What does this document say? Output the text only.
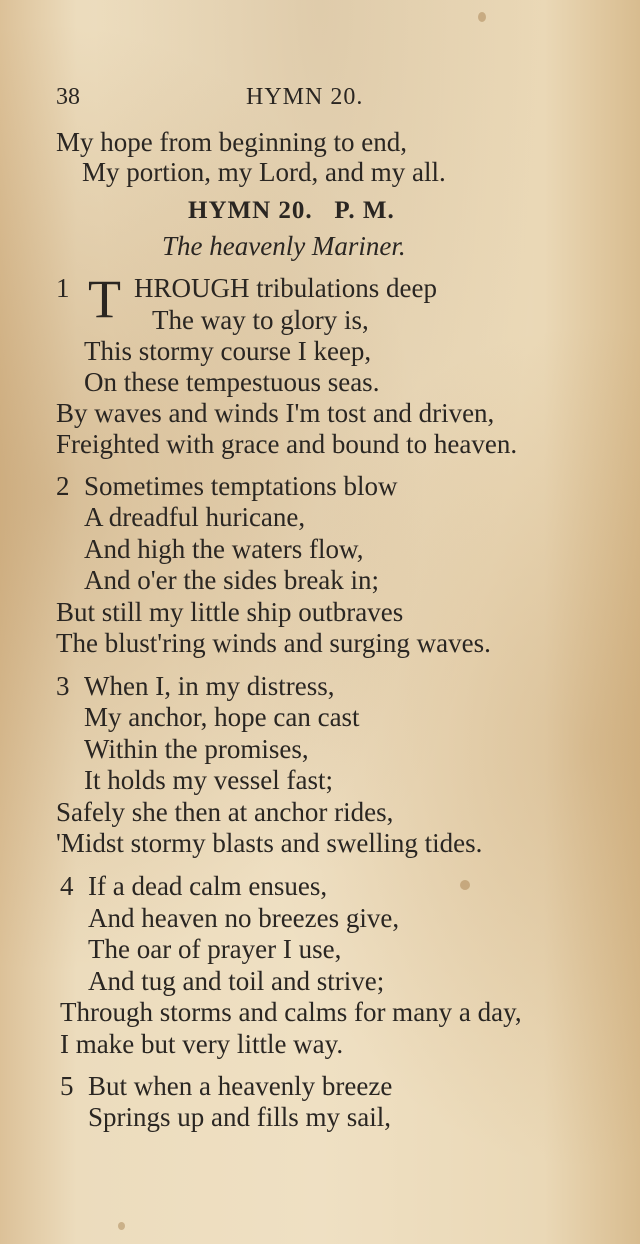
38	HYMN 20.
My hope from beginning to end,
My portion, my Lord, and my all.
HYMN 20.   P. M.
The heavenly Mariner.
1 T HROUGH tribulations deep
The way to glory is,
This stormy course I keep,
On these tempestuous seas.
By waves and winds I'm tost and driven,
Freighted with grace and bound to heaven.
2 Sometimes temptations blow
A dreadful huricane,
And high the waters flow,
And o'er the sides break in;
But still my little ship outbraves
The blust'ring winds and surging waves.
3 When I, in my distress,
My anchor, hope can cast
Within the promises,
It holds my vessel fast;
Safely she then at anchor rides,
'Midst stormy blasts and swelling tides.
4 If a dead calm ensues,
And heaven no breezes give,
The oar of prayer I use,
And tug and toil and strive;
Through storms and calms for many a day,
I make but very little way.
5 But when a heavenly breeze
Springs up and fills my sail,
